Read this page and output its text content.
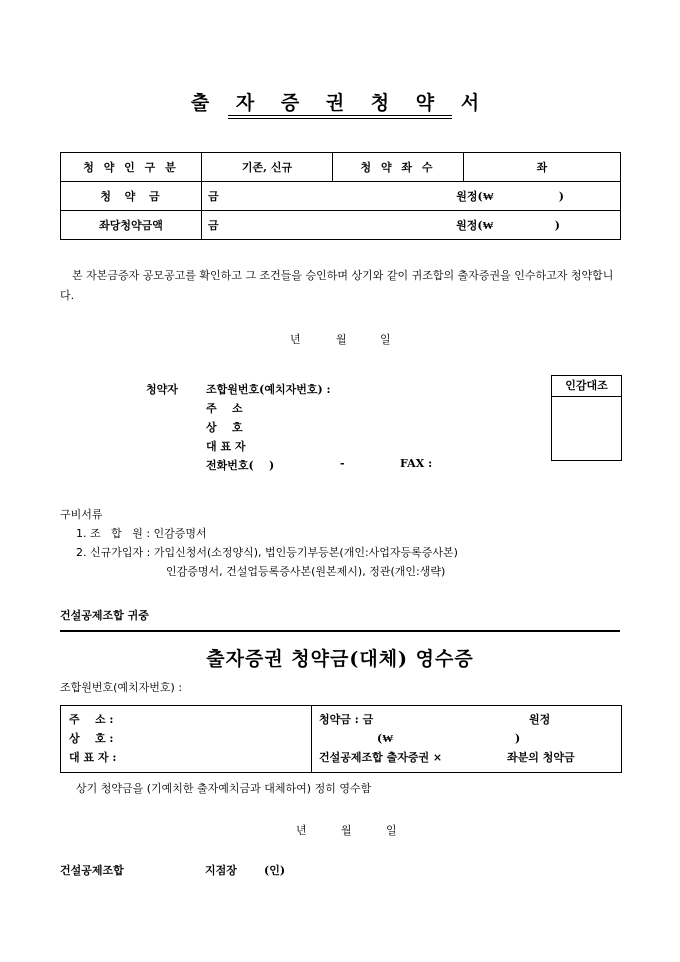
출 자 증 권 청 약 서
청 약 인 구 분	기존, 신규	청 약 좌 수	좌
청  약  금	금 원정(₩                 )		

좌당청약금액	금 원정(₩                )		
본 자본금증자 공모공고를 확인하고 그 조건들을 승인하며 상기와 같이 귀조합의 출자증권을 인수하고자 청약합니다.
년	월	일
청약자	조합원번호(예치자번호) :
주    소
상    호
대 표 자
전화번호(    )	-	FAX :
인감대조
구비서류
1. 조   합   원 : 인감증명서
2. 신규가입자 : 가입신청서(소정양식), 법인등기부등본(개인:사업자등록증사본)
인감증명서, 건설업등록증사본(원본제시), 정관(개인:생략)
건설공제조합 귀중
출자증권 청약금(대체) 영수증
조합원번호(예치자번호) :
주    소 :
상    호 :
대 표 자 :
청약금 : 금	원정
(₩	)
건설공제조합 출자증권 ×	좌분의 청약금
상기 청약금을 (기예치한 출자예치금과 대체하여) 정히 영수함
년	월	일
건설공제조합	지점장 (인)
